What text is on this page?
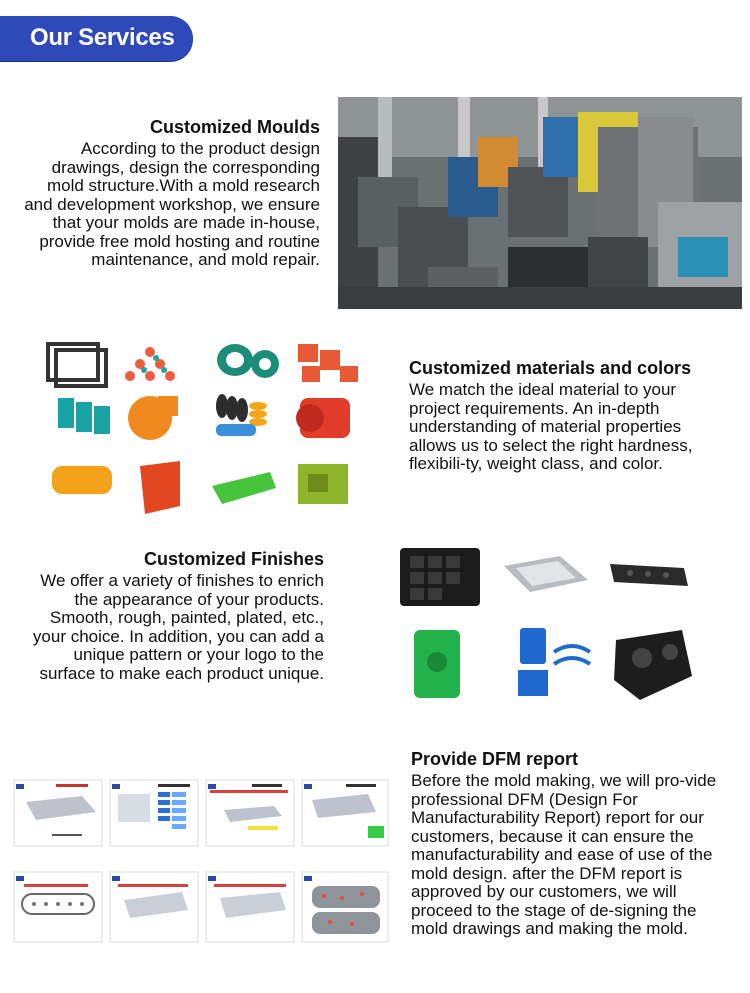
Our Services

Customized Moulds

According to the product design drawings, design the corresponding mold structure.With a mold research and development workshop, we ensure that your molds are made in-house, provide free mold hosting and routine maintenance, and mold repair.

Customized materials and colors

We match the ideal material to your project requirements. An in-depth understanding of material properties allows us to select the right hardness, flexibili-ty, weight class, and color.

Customized Finishes

We offer a variety of finishes to enrich the appearance of your products. Smooth, rough, painted, plated, etc., your choice. In addition, you can add a unique pattern or your logo to the surface to make each product unique.

Provide DFM report

Before the mold making, we will pro-vide professional DFM (Design For Manufacturability Report) report for our customers, because it can ensure the manufacturability and ease of use of the mold design. after the DFM report is approved by our customers, we will proceed to the stage of de-signing the mold drawings and making the mold.
